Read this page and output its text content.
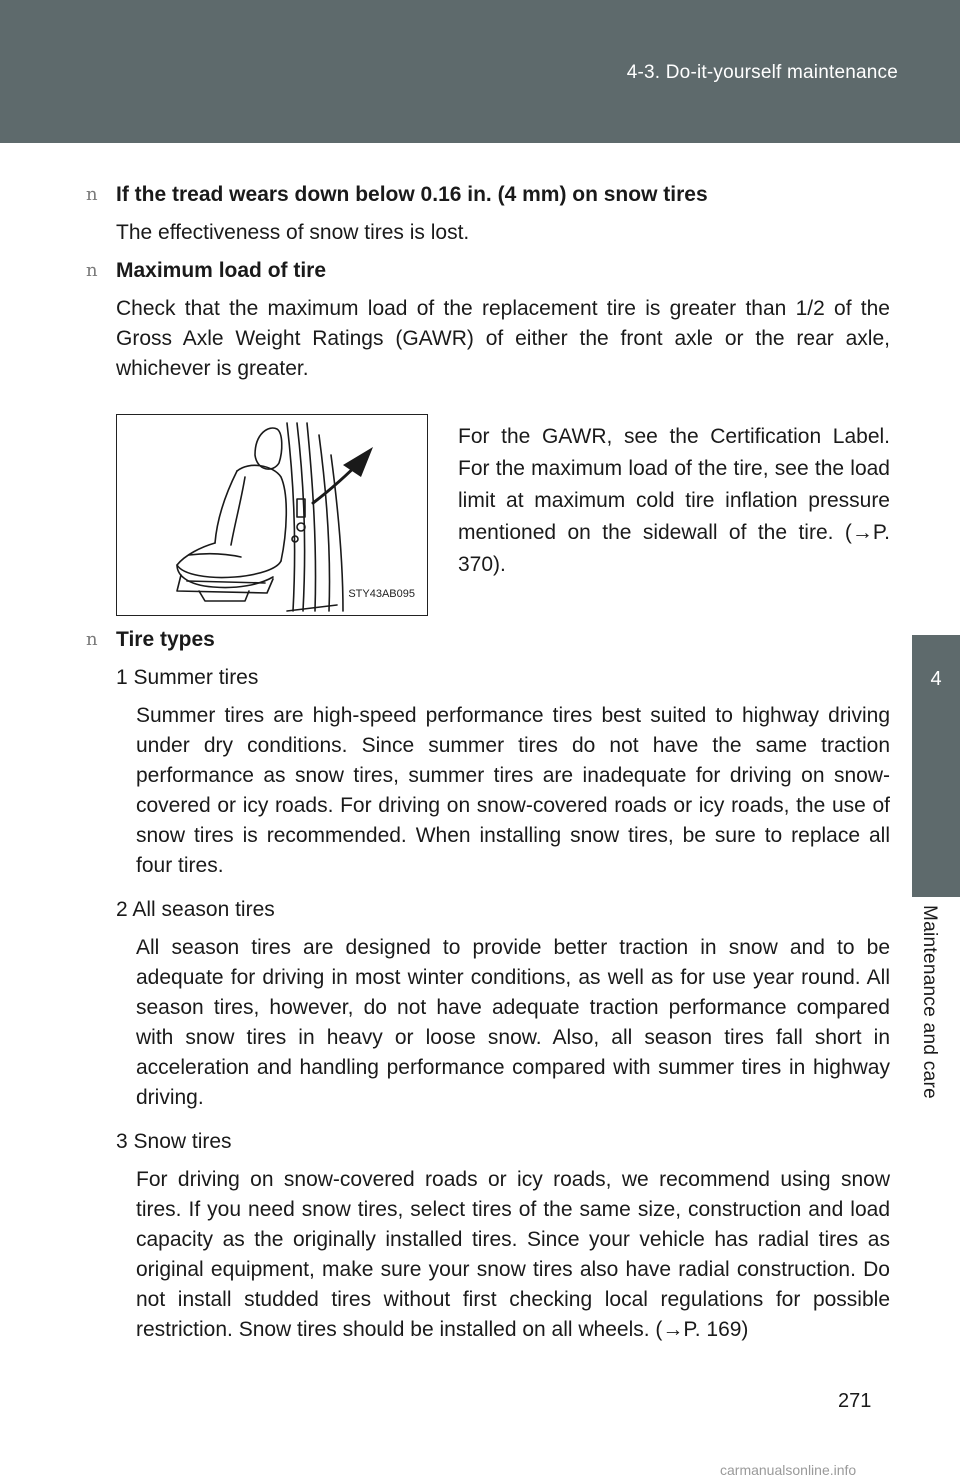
4-3. Do-it-yourself maintenance
4
Maintenance and care

n If the tread wears down below 0.16 in. (4 mm) on snow tires

The effectiveness of snow tires is lost.

n Maximum load of tire

Check that the maximum load of the replacement tire is greater than 1/2 of the Gross Axle Weight Ratings (GAWR) of either the front axle or the rear axle, whichever is greater.

STY43AB095

For the GAWR, see the Certification Label. For the maximum load of the tire, see the load limit at maximum cold tire inflation pressure mentioned on the sidewall of the tire. (→P. 370).

n Tire types

1 Summer tires

Summer tires are high-speed performance tires best suited to highway driving under dry conditions. Since summer tires do not have the same traction performance as snow tires, summer tires are inadequate for driving on snow-covered or icy roads. For driving on snow-covered roads or icy roads, the use of snow tires is recommended. When installing snow tires, be sure to replace all four tires.

2 All season tires

All season tires are designed to provide better traction in snow and to be adequate for driving in most winter conditions, as well as for use year round. All season tires, however, do not have adequate traction performance compared with snow tires in heavy or loose snow. Also, all season tires fall short in acceleration and handling performance compared with summer tires in highway driving.

3 Snow tires

For driving on snow-covered roads or icy roads, we recommend using snow tires. If you need snow tires, select tires of the same size, construction and load capacity as the originally installed tires. Since your vehicle has radial tires as original equipment, make sure your snow tires also have radial construction. Do not install studded tires without first checking local regulations for possible restriction. Snow tires should be installed on all wheels. (→P. 169)

271
carmanualsonline.info
